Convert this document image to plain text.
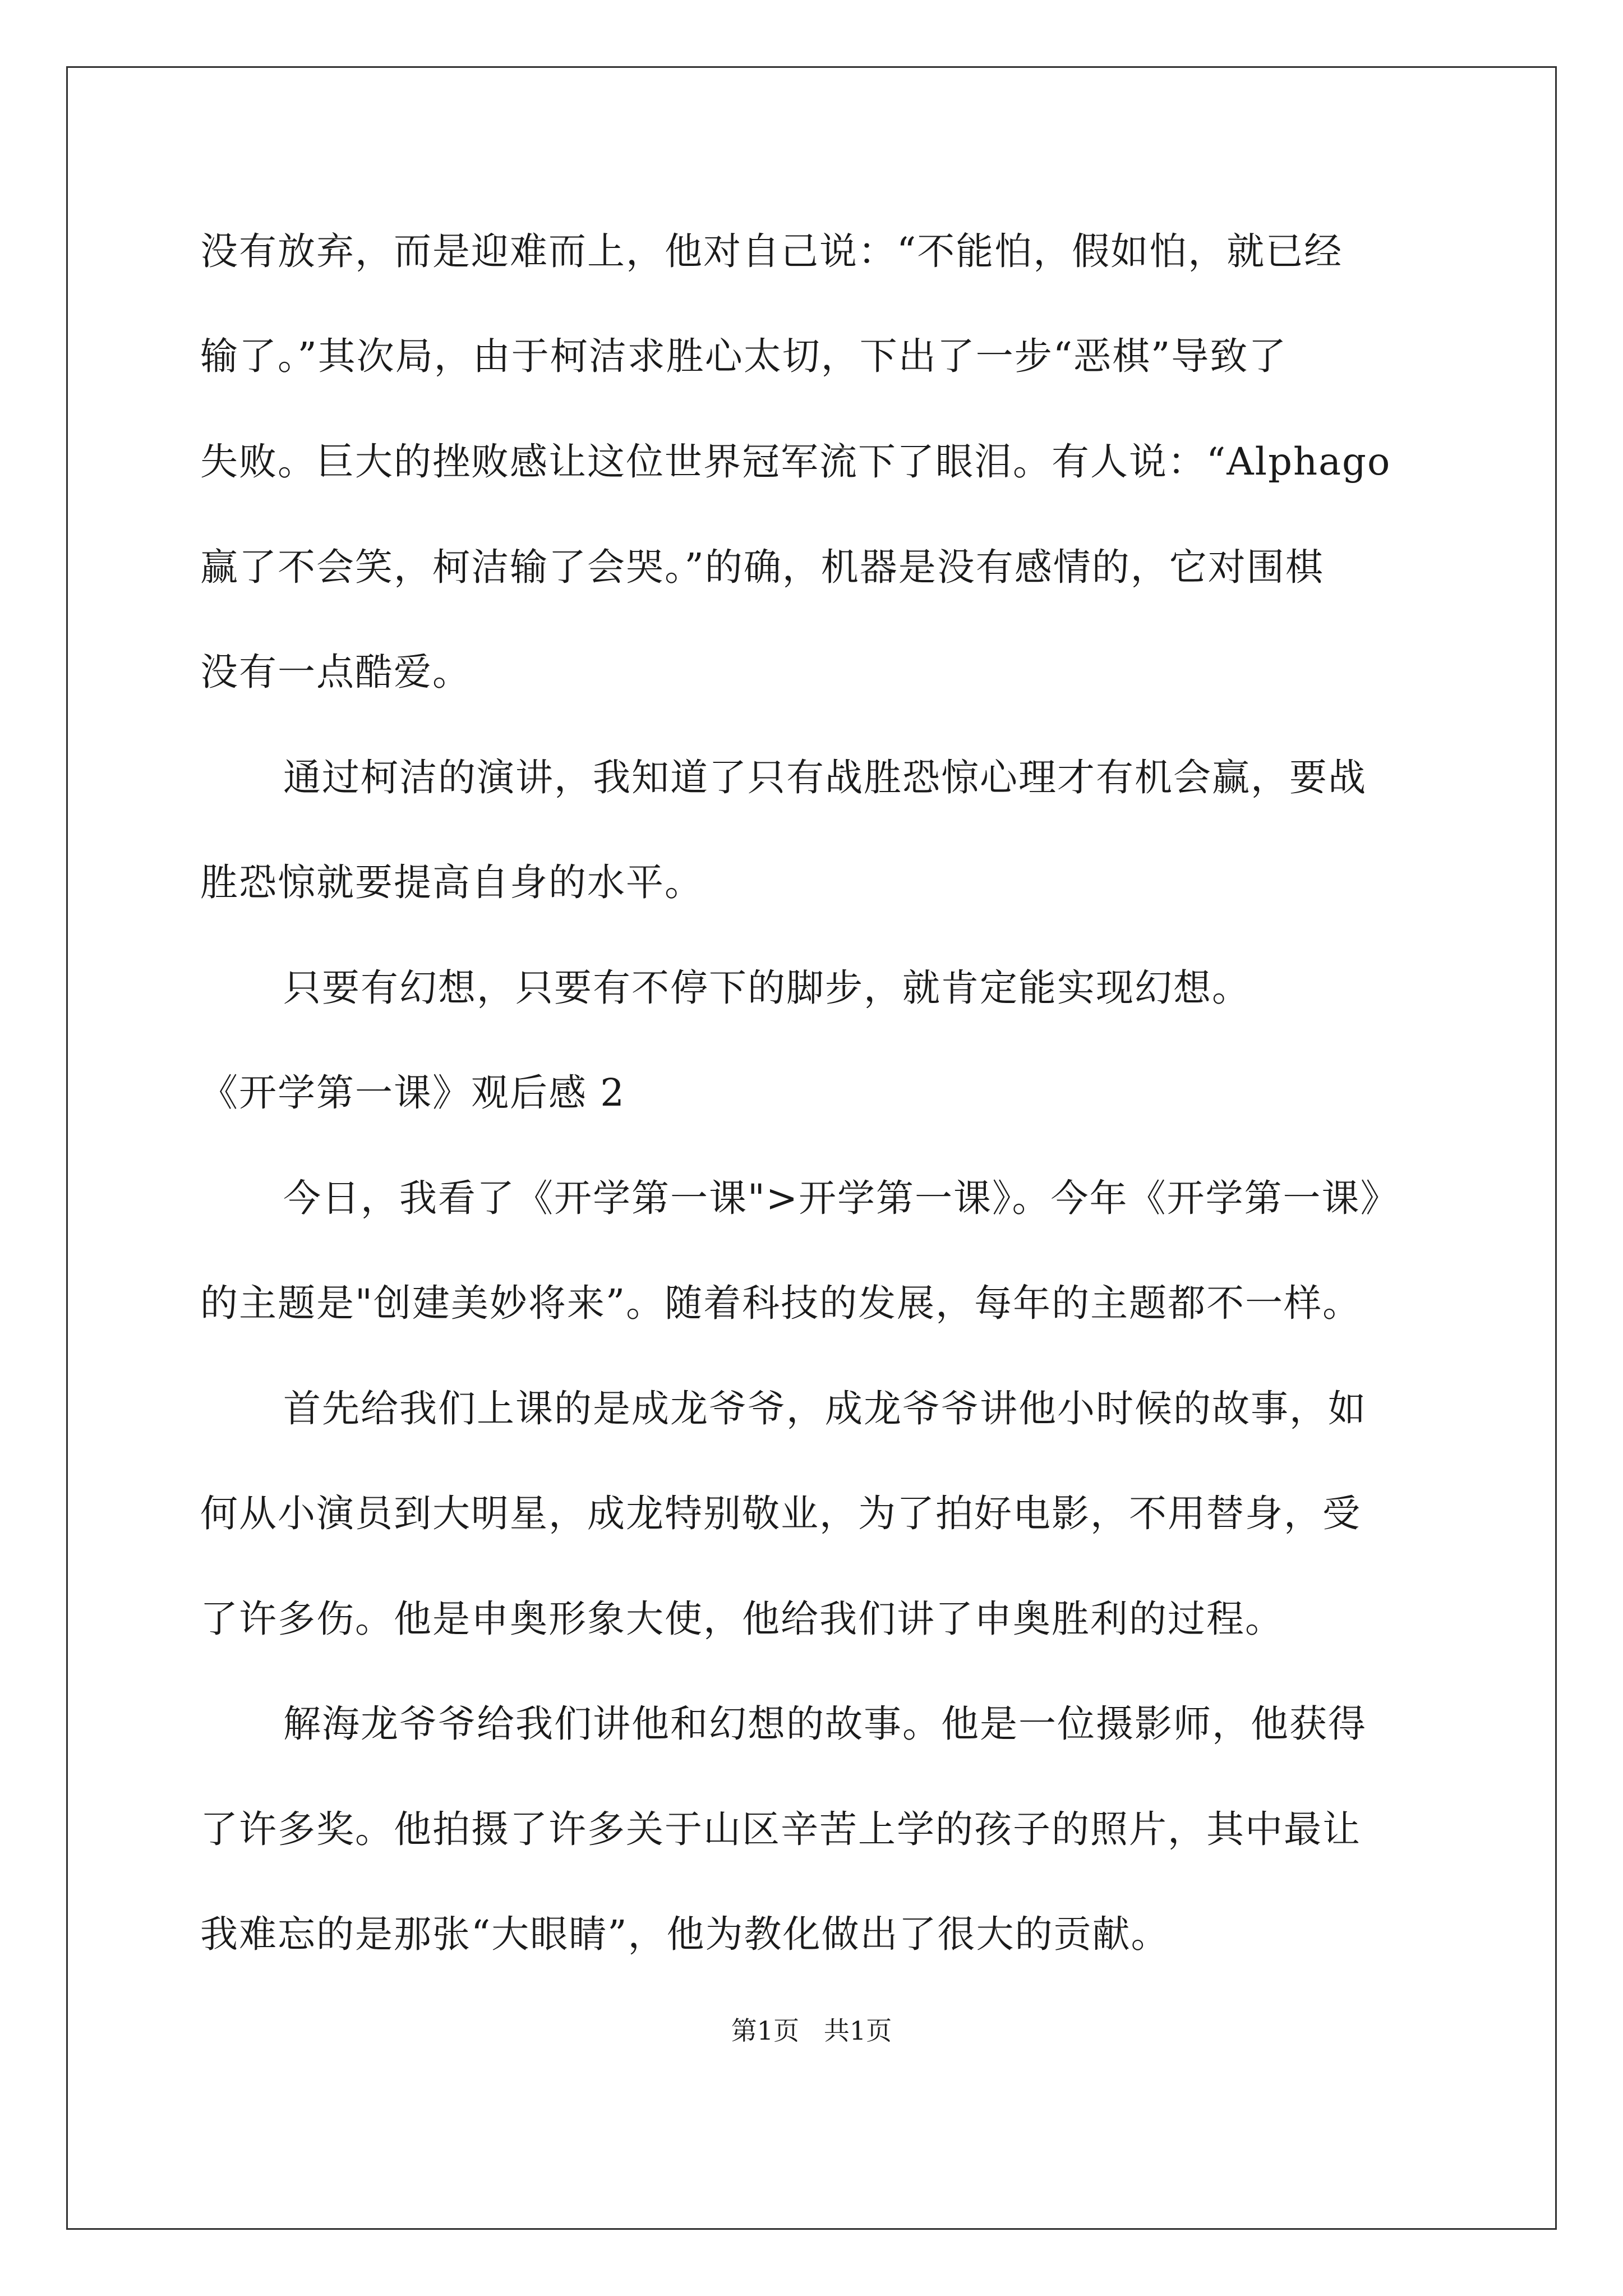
没有放弃，而是迎难而上，他对自己说：“不能怕，假如怕，就已经
输了。”其次局，由于柯洁求胜心太切，下出了一步“恶棋”导致了
失败。巨大的挫败感让这位世界冠军流下了眼泪。有人说：“Alphago
赢了不会笑，柯洁输了会哭。”的确，机器是没有感情的，它对围棋
没有一点酷爱。
通过柯洁的演讲，我知道了只有战胜恐惊心理才有机会赢，要战
胜恐惊就要提高自身的水平。
只要有幻想，只要有不停下的脚步，就肯定能实现幻想。
《开学第一课》观后感 2
今日，我看了《开学第一课">开学第一课》。今年《开学第一课》
的主题是"创建美妙将来”。随着科技的发展，每年的主题都不一样。
首先给我们上课的是成龙爷爷，成龙爷爷讲他小时候的故事，如
何从小演员到大明星，成龙特别敬业，为了拍好电影，不用替身，受
了许多伤。他是申奥形象大使，他给我们讲了申奥胜利的过程。
解海龙爷爷给我们讲他和幻想的故事。他是一位摄影师，他获得
了许多奖。他拍摄了许多关于山区辛苦上学的孩子的照片，其中最让
我难忘的是那张“大眼睛”，他为教化做出了很大的贡献。
第1页   共1页
